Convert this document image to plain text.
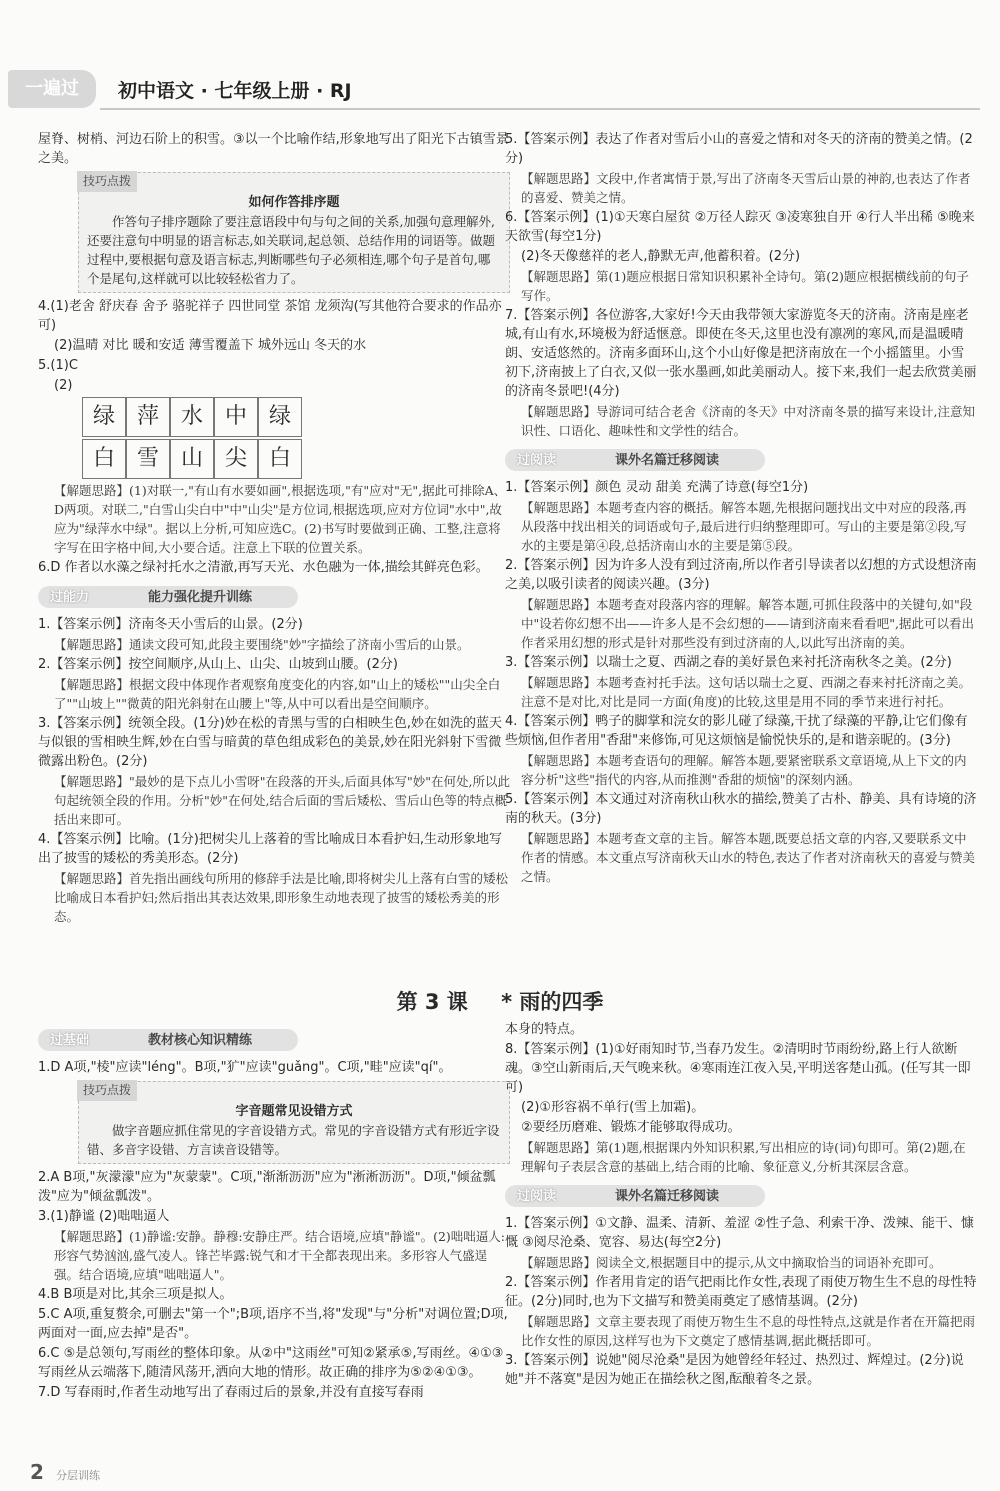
一遍过	初中语文 · 七年级上册 · RJ

屋脊、树梢、河边石阶上的积雪。③以一个比喻作结,形象地写出了阳光下古镇雪景之美。

技巧点拨
如何作答排序题
作答句子排序题除了要注意语段中句与句之间的关系,加强句意理解外,还要注意句中明显的语言标志,如关联词,起总领、总结作用的词语等。做题过程中,要根据句意及语言标志,判断哪些句子必须相连,哪个句子是首句,哪个是尾句,这样就可以比较轻松省力了。

4.(1)老舍 舒庆春 舍予 骆驼祥子 四世同堂 茶馆 龙须沟(写其他符合要求的作品亦可)

(2)温晴 对比 暖和安适 薄雪覆盖下 城外远山 冬天的水

5.(1)C

(2)
绿 萍 水 中 绿
白 雪 山 尖 白

【解题思路】(1)对联一,"有山有水要如画",根据选项,"有"应对"无",据此可排除A、D两项。对联二,"白雪山尖白中"中"山尖"是方位词,根据选项,应对方位词"水中",故应为"绿萍水中绿"。据以上分析,可知应选C。(2)书写时要做到正确、工整,注意将字写在田字格中间,大小要合适。注意上下联的位置关系。

6.D 作者以水藻之绿衬托水之清澈,再写天光、水色融为一体,描绘其鲜亮色彩。

过能力	能力强化提升训练

1.【答案示例】济南冬天小雪后的山景。(2分)

【解题思路】通读文段可知,此段主要围绕"妙"字描绘了济南小雪后的山景。

2.【答案示例】按空间顺序,从山上、山尖、山坡到山腰。(2分)

【解题思路】根据文段中体现作者观察角度变化的内容,如"山上的矮松""山尖全白了""山坡上""微黄的阳光斜射在山腰上"等,从中可以看出是空间顺序。

3.【答案示例】统领全段。(1分)妙在松的青黑与雪的白相映生色,妙在如洗的蓝天与似银的雪相映生辉,妙在白雪与暗黄的草色组成彩色的美景,妙在阳光斜射下雪微微露出粉色。(2分)

【解题思路】"最妙的是下点儿小雪呀"在段落的开头,后面具体写"妙"在何处,所以此句起统领全段的作用。分析"妙"在何处,结合后面的雪后矮松、雪后山色等的特点概括出来即可。

4.【答案示例】比喻。(1分)把树尖儿上落着的雪比喻成日本看护妇,生动形象地写出了披雪的矮松的秀美形态。(2分)

【解题思路】首先指出画线句所用的修辞手法是比喻,即将树尖儿上落有白雪的矮松比喻成日本看护妇;然后指出其表达效果,即形象生动地表现了披雪的矮松秀美的形态。

5.【答案示例】表达了作者对雪后小山的喜爱之情和对冬天的济南的赞美之情。(2分)

【解题思路】文段中,作者寓情于景,写出了济南冬天雪后山景的神韵,也表达了作者的喜爱、赞美之情。

6.【答案示例】(1)①天寒白屋贫 ②万径人踪灭 ③凌寒独自开 ④行人半出稀 ⑤晚来天欲雪(每空1分)

(2)冬天像慈祥的老人,静默无声,他蓄积着。(2分)

【解题思路】第(1)题应根据日常知识积累补全诗句。第(2)题应根据横线前的句子写作。

7.【答案示例】各位游客,大家好!今天由我带领大家游览冬天的济南。济南是座老城,有山有水,环境极为舒适惬意。即使在冬天,这里也没有凛冽的寒风,而是温暖晴朗、安适悠然的。济南多面环山,这个小山好像是把济南放在一个小摇篮里。小雪初下,济南披上了白衣,又似一张水墨画,如此美丽动人。接下来,我们一起去欣赏美丽的济南冬景吧!(4分)

【解题思路】导游词可结合老舍《济南的冬天》中对济南冬景的描写来设计,注意知识性、口语化、趣味性和文学性的结合。

过阅读	课外名篇迁移阅读

1.【答案示例】颜色 灵动 甜美 充满了诗意(每空1分)

【解题思路】本题考查内容的概括。解答本题,先根据问题找出文中对应的段落,再从段落中找出相关的词语或句子,最后进行归纳整理即可。写山的主要是第②段,写水的主要是第④段,总括济南山水的主要是第⑤段。

2.【答案示例】因为许多人没有到过济南,所以作者引导读者以幻想的方式设想济南之美,以吸引读者的阅读兴趣。(3分)

【解题思路】本题考查对段落内容的理解。解答本题,可抓住段落中的关键句,如"段中"设若你幻想不出——许多人是不会幻想的——请到济南来看看吧",据此可以看出作者采用幻想的形式是针对那些没有到过济南的人,以此写出济南的美。

3.【答案示例】以瑞士之夏、西湖之春的美好景色来衬托济南秋冬之美。(2分)

【解题思路】本题考查衬托手法。这句话以瑞士之夏、西湖之春来衬托济南之美。注意不是对比,对比是同一方面(角度)的比较,这里是用不同的季节来进行衬托。

4.【答案示例】鸭子的脚掌和浣女的影儿碰了绿藻,干扰了绿藻的平静,让它们像有些烦恼,但作者用"香甜"来修饰,可见这烦恼是愉悦快乐的,是和谐亲昵的。(3分)

【解题思路】本题考查语句的理解。解答本题,要紧密联系文章语境,从上下文的内容分析"这些"指代的内容,从而推测"香甜的烦恼"的深刻内涵。

5.【答案示例】本文通过对济南秋山秋水的描绘,赞美了古朴、静美、具有诗境的济南的秋天。(3分)

【解题思路】本题考查文章的主旨。解答本题,既要总括文章的内容,又要联系文中作者的情感。本文重点写济南秋天山水的特色,表达了作者对济南秋天的喜爱与赞美之情。

第 3 课 * 雨的四季
过基础	教材核心知识精练

1.D A项,"棱"应读"léng"。B项,"犷"应读"guǎng"。C项,"畦"应读"qí"。

技巧点拨
字音题常见设错方式
做字音题应抓住常见的字音设错方式。常见的字音设错方式有形近字设错、多音字设错、方言读音设错等。

2.A B项,"灰濛濛"应为"灰蒙蒙"。C项,"渐渐沥沥"应为"淅淅沥沥"。D项,"倾盆瓢泼"应为"倾盆瓢泼"。

3.(1)静谧 (2)咄咄逼人

【解题思路】(1)静谧:安静。静穆:安静庄严。结合语境,应填"静谧"。(2)咄咄逼人:形容气势汹汹,盛气凌人。锋芒毕露:锐气和才干全都表现出来。多形容人气盛逞强。结合语境,应填"咄咄逼人"。

4.B B项是对比,其余三项是拟人。

5.C A项,重复赘余,可删去"第一个";B项,语序不当,将"发现"与"分析"对调位置;D项,两面对一面,应去掉"是否"。

6.C ⑤是总领句,写雨丝的整体印象。从②中"这雨丝"可知②紧承⑤,写雨丝。④①③写雨丝从云端落下,随清风荡开,洒向大地的情形。故正确的排序为⑤②④①③。

7.D 写春雨时,作者生动地写出了春雨过后的景象,并没有直接写春雨

本身的特点。

8.【答案示例】(1)①好雨知时节,当春乃发生。②清明时节雨纷纷,路上行人欲断魂。③空山新雨后,天气晚来秋。④寒雨连江夜入吴,平明送客楚山孤。(任写其一即可)

(2)①形容祸不单行(雪上加霜)。

②要经历磨难、锻炼才能够取得成功。

【解题思路】第(1)题,根据课内外知识积累,写出相应的诗(词)句即可。第(2)题,在理解句子表层含意的基础上,结合雨的比喻、象征意义,分析其深层含意。

过阅读	课外名篇迁移阅读

1.【答案示例】①文静、温柔、清新、羞涩 ②性子急、利索干净、泼辣、能干、慷慨 ③阅尽沧桑、宽容、易达(每空2分)

【解题思路】阅读全文,根据题目中的提示,从文中摘取恰当的词语补充即可。

2.【答案示例】作者用肯定的语气把雨比作女性,表现了雨使万物生生不息的母性特征。(2分)同时,也为下文描写和赞美雨奠定了感情基调。(2分)

【解题思路】文章主要表现了雨使万物生生不息的母性特点,这就是作者在开篇把雨比作女性的原因,这样写也为下文奠定了感情基调,据此概括即可。

3.【答案示例】说她"阅尽沧桑"是因为她曾经年轻过、热烈过、辉煌过。(2分)说她"并不落寞"是因为她正在描绘秋之图,酝酿着冬之景。

2 分层训练
